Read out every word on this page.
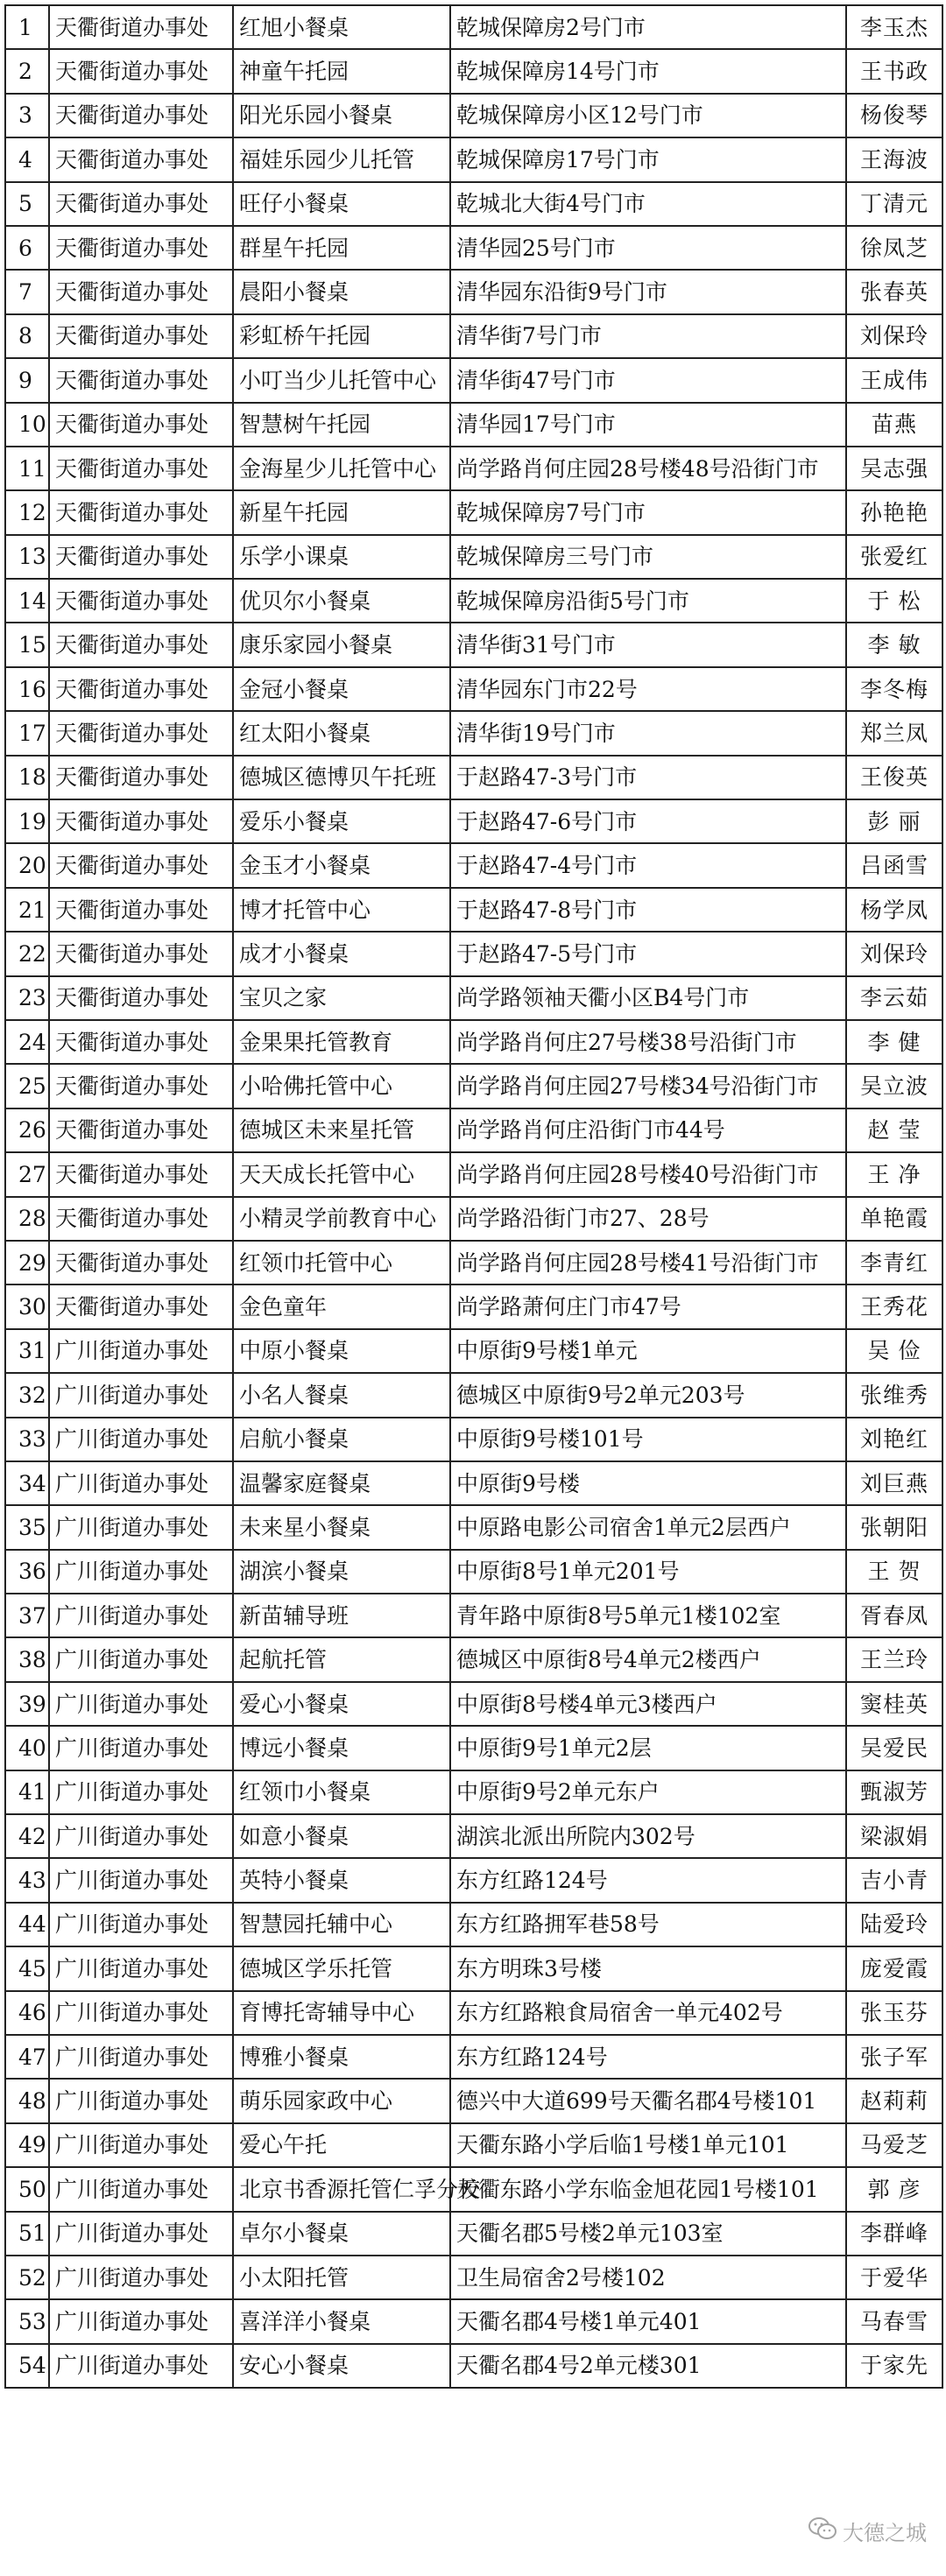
1	天衢街道办事处	红旭小餐桌	乾城保障房2号门市	李玉杰
2	天衢街道办事处	神童午托园	乾城保障房14号门市	王书政
3	天衢街道办事处	阳光乐园小餐桌	乾城保障房小区12号门市	杨俊琴
4	天衢街道办事处	福娃乐园少儿托管	乾城保障房17号门市	王海波
5	天衢街道办事处	旺仔小餐桌	乾城北大街4号门市	丁清元
6	天衢街道办事处	群星午托园	清华园25号门市	徐凤芝
7	天衢街道办事处	晨阳小餐桌	清华园东沿街9号门市	张春英
8	天衢街道办事处	彩虹桥午托园	清华街7号门市	刘保玲
9	天衢街道办事处	小叮当少儿托管中心	清华街47号门市	王成伟
10	天衢街道办事处	智慧树午托园	清华园17号门市	苗燕
11	天衢街道办事处	金海星少儿托管中心	尚学路肖何庄园28号楼48号沿街门市	吴志强
12	天衢街道办事处	新星午托园	乾城保障房7号门市	孙艳艳
13	天衢街道办事处	乐学小课桌	乾城保障房三号门市	张爱红
14	天衢街道办事处	优贝尔小餐桌	乾城保障房沿街5号门市	于 松
15	天衢街道办事处	康乐家园小餐桌	清华街31号门市	李 敏
16	天衢街道办事处	金冠小餐桌	清华园东门市22号	李冬梅
17	天衢街道办事处	红太阳小餐桌	清华街19号门市	郑兰凤
18	天衢街道办事处	德城区德博贝午托班	于赵路47-3号门市	王俊英
19	天衢街道办事处	爱乐小餐桌	于赵路47-6号门市	彭 丽
20	天衢街道办事处	金玉才小餐桌	于赵路47-4号门市	吕函雪
21	天衢街道办事处	博才托管中心	于赵路47-8号门市	杨学凤
22	天衢街道办事处	成才小餐桌	于赵路47-5号门市	刘保玲
23	天衢街道办事处	宝贝之家	尚学路领袖天衢小区B4号门市	李云茹
24	天衢街道办事处	金果果托管教育	尚学路肖何庄27号楼38号沿街门市	李 健
25	天衢街道办事处	小哈佛托管中心	尚学路肖何庄园27号楼34号沿街门市	吴立波
26	天衢街道办事处	德城区未来星托管	尚学路肖何庄沿街门市44号	赵 莹
27	天衢街道办事处	天天成长托管中心	尚学路肖何庄园28号楼40号沿街门市	王 净
28	天衢街道办事处	小精灵学前教育中心	尚学路沿街门市27、28号	单艳霞
29	天衢街道办事处	红领巾托管中心	尚学路肖何庄园28号楼41号沿街门市	李青红
30	天衢街道办事处	金色童年	尚学路萧何庄门市47号	王秀花
31	广川街道办事处	中原小餐桌	中原街9号楼1单元	吴 俭
32	广川街道办事处	小名人餐桌	德城区中原街9号2单元203号	张维秀
33	广川街道办事处	启航小餐桌	中原街9号楼101号	刘艳红
34	广川街道办事处	温馨家庭餐桌	中原街9号楼	刘巨燕
35	广川街道办事处	未来星小餐桌	中原路电影公司宿舍1单元2层西户	张朝阳
36	广川街道办事处	湖滨小餐桌	中原街8号1单元201号	王 贺
37	广川街道办事处	新苗辅导班	青年路中原街8号5单元1楼102室	胥春凤
38	广川街道办事处	起航托管	德城区中原街8号4单元2楼西户	王兰玲
39	广川街道办事处	爱心小餐桌	中原街8号楼4单元3楼西户	窦桂英
40	广川街道办事处	博远小餐桌	中原街9号1单元2层	吴爱民
41	广川街道办事处	红领巾小餐桌	中原街9号2单元东户	甄淑芳
42	广川街道办事处	如意小餐桌	湖滨北派出所院内302号	梁淑娟
43	广川街道办事处	英特小餐桌	东方红路124号	吉小青
44	广川街道办事处	智慧园托辅中心	东方红路拥军巷58号	陆爱玲
45	广川街道办事处	德城区学乐托管	东方明珠3号楼	庞爱霞
46	广川街道办事处	育博托寄辅导中心	东方红路粮食局宿舍一单元402号	张玉芬
47	广川街道办事处	博雅小餐桌	东方红路124号	张子军
48	广川街道办事处	萌乐园家政中心	德兴中大道699号天衢名郡4号楼101	赵莉莉
49	广川街道办事处	爱心午托	天衢东路小学后临1号楼1单元101	马爱芝
50	广川街道办事处	北京书香源托管仁孚分校	天衢东路小学东临金旭花园1号楼101	郭 彦
51	广川街道办事处	卓尔小餐桌	天衢名郡5号楼2单元103室	李群峰
52	广川街道办事处	小太阳托管	卫生局宿舍2号楼102	于爱华
53	广川街道办事处	喜洋洋小餐桌	天衢名郡4号楼1单元401	马春雪
54	广川街道办事处	安心小餐桌	天衢名郡4号2单元楼301	于家先
大德之城
